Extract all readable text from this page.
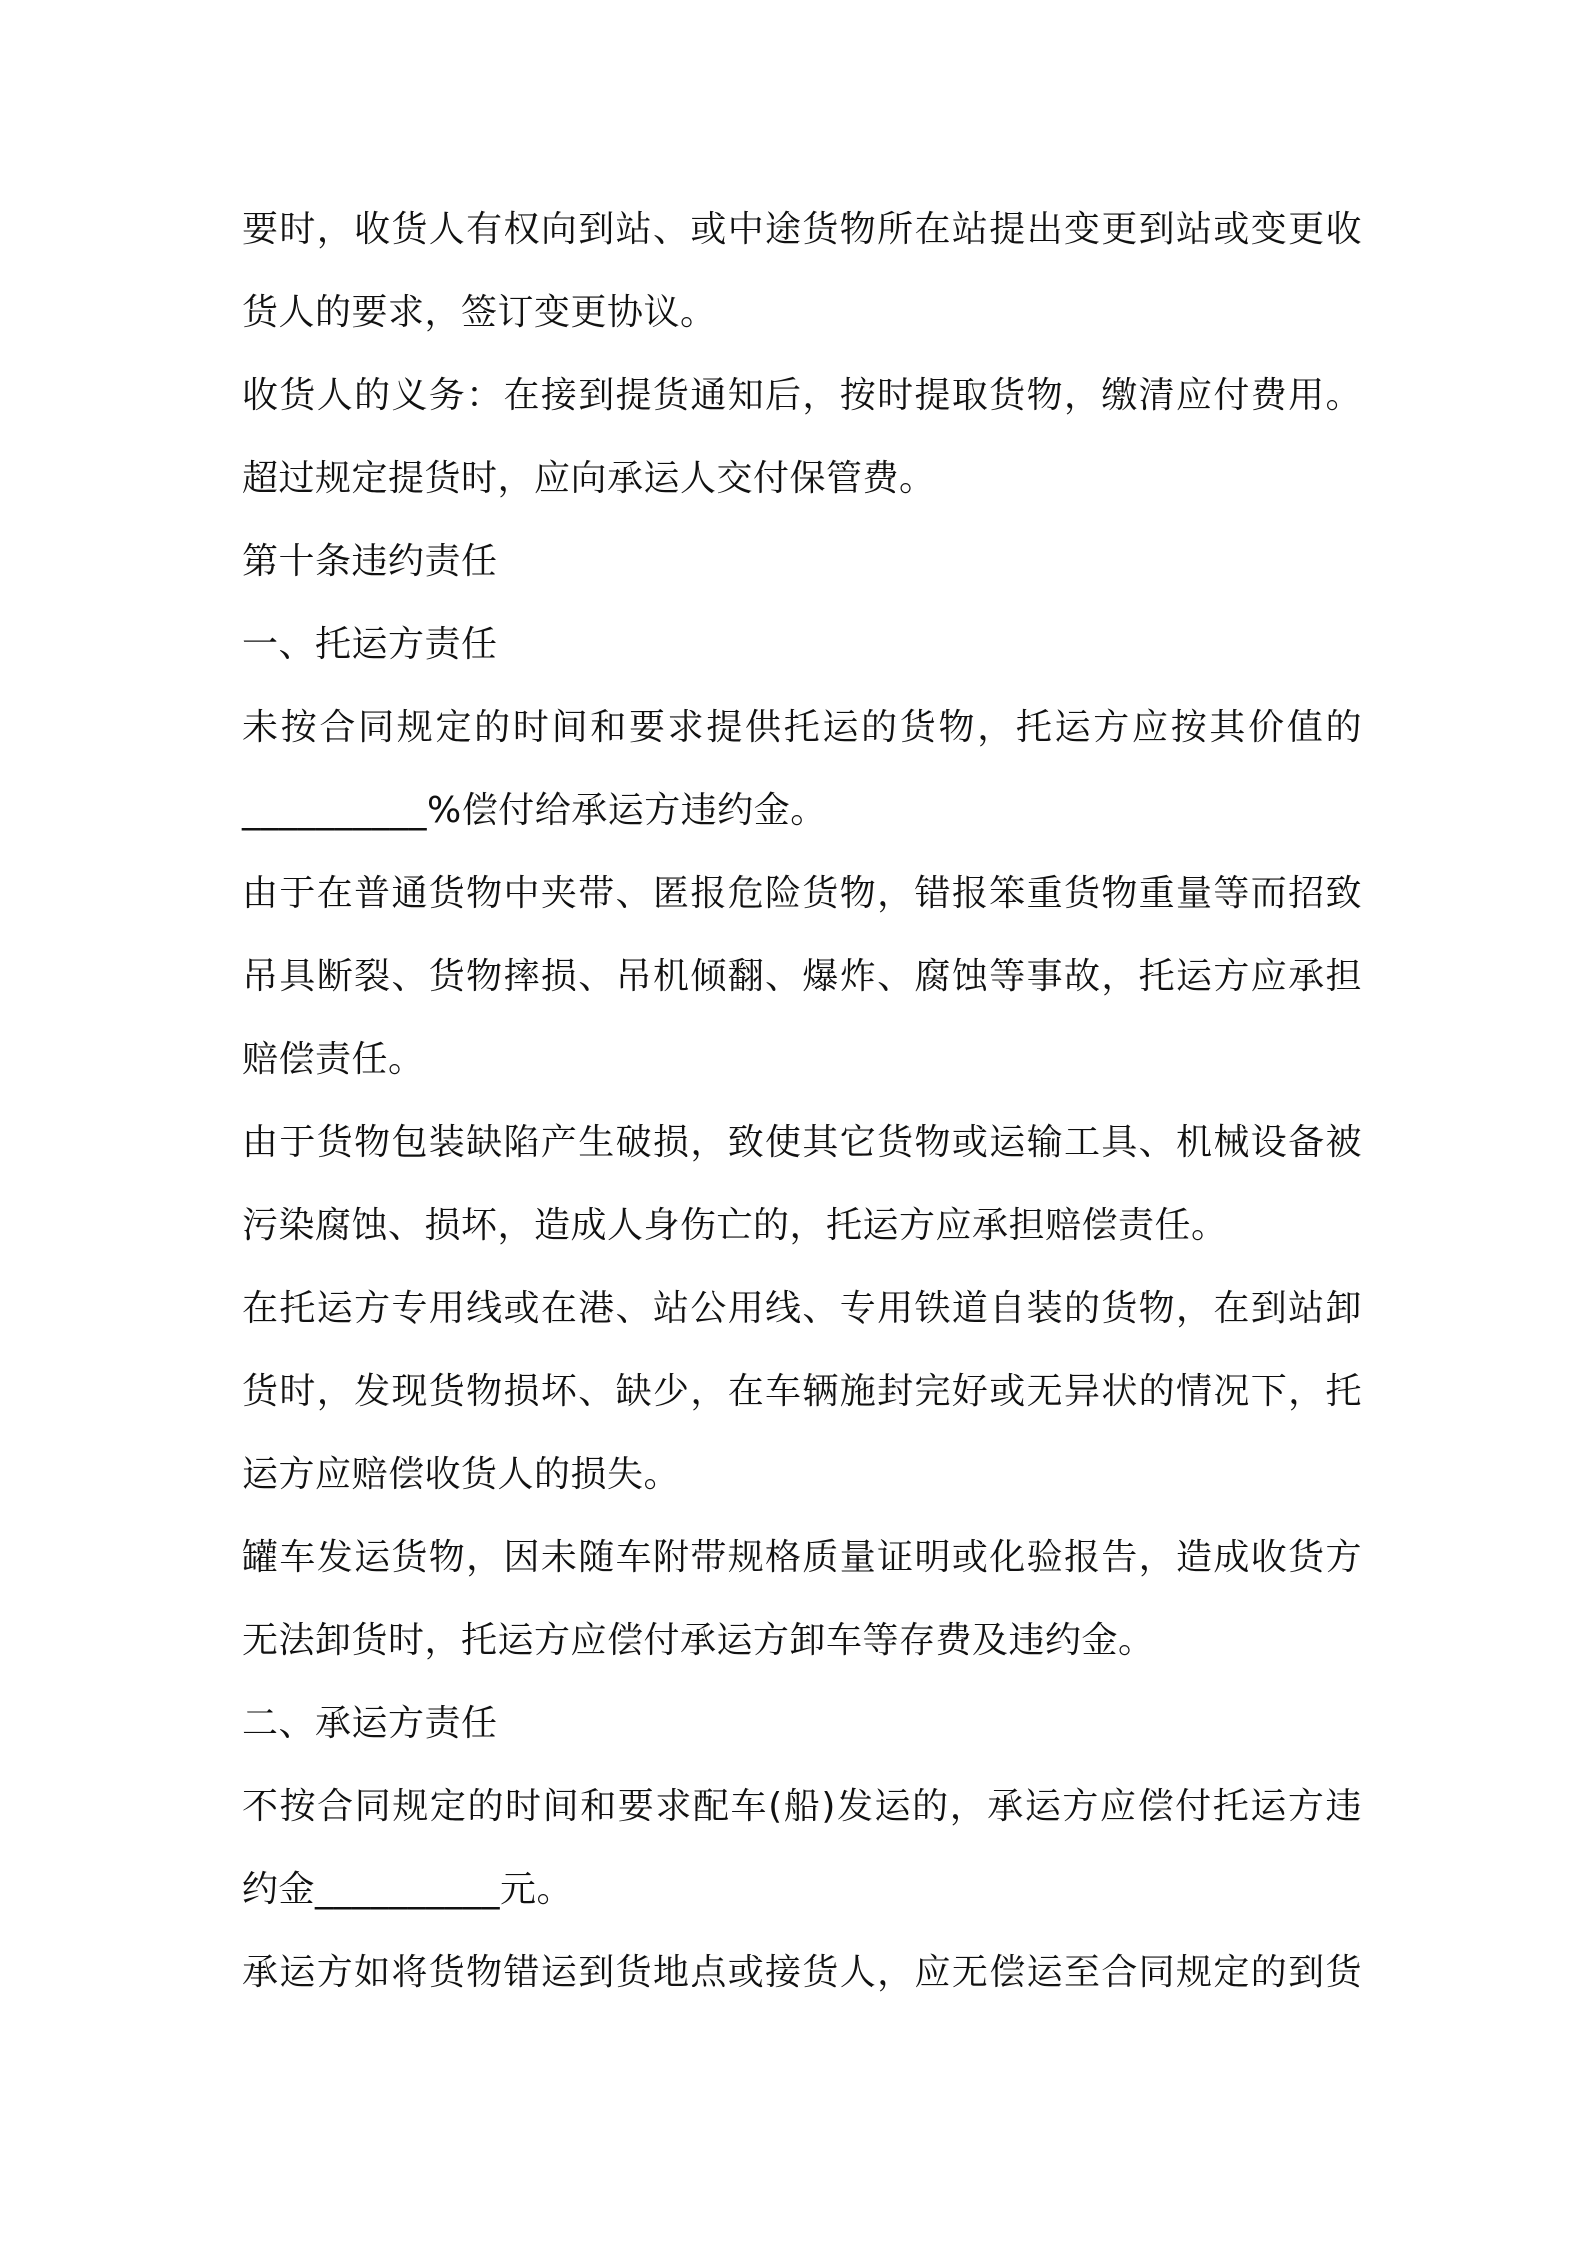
要时，收货人有权向到站、或中途货物所在站提出变更到站或变更收
货人的要求，签订变更协议。
收货人的义务：在接到提货通知后，按时提取货物，缴清应付费用。
超过规定提货时，应向承运人交付保管费。
第十条违约责任
一、托运方责任
未按合同规定的时间和要求提供托运的货物，托运方应按其价值的
__________%偿付给承运方违约金。
由于在普通货物中夹带、匿报危险货物，错报笨重货物重量等而招致
吊具断裂、货物摔损、吊机倾翻、爆炸、腐蚀等事故，托运方应承担
赔偿责任。
由于货物包装缺陷产生破损，致使其它货物或运输工具、机械设备被
污染腐蚀、损坏，造成人身伤亡的，托运方应承担赔偿责任。
在托运方专用线或在港、站公用线、专用铁道自装的货物，在到站卸
货时，发现货物损坏、缺少，在车辆施封完好或无异状的情况下，托
运方应赔偿收货人的损失。
罐车发运货物，因未随车附带规格质量证明或化验报告，造成收货方
无法卸货时，托运方应偿付承运方卸车等存费及违约金。
二、承运方责任
不按合同规定的时间和要求配车(船)发运的，承运方应偿付托运方违
约金__________元。
承运方如将货物错运到货地点或接货人，应无偿运至合同规定的到货
